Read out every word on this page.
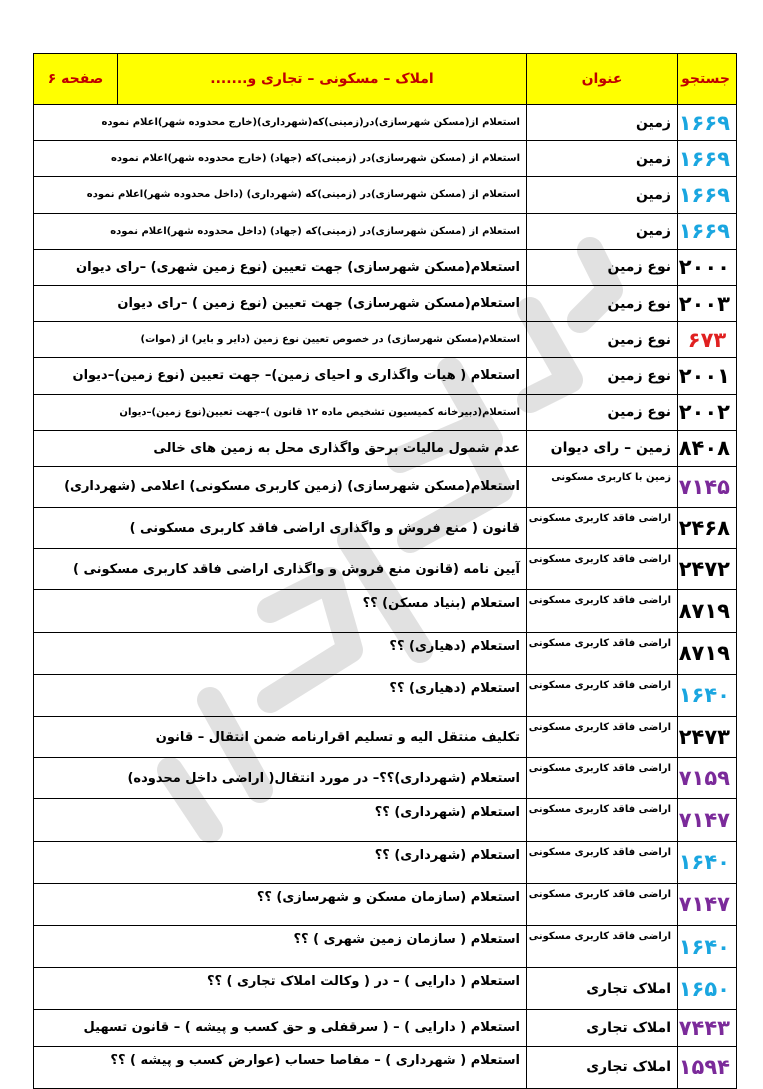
جستجو	عنوان	املاک – مسکونی – تجاری و.......	صفحه ۶
۱۶۶۹	زمین	استعلام از(مسکن شهرسازی)در(زمینی)که(شهرداری)(خارج محدوده شهر)اعلام نموده	
۱۶۶۹	زمین	استعلام از (مسکن شهرسازی)در (زمینی)که (جهاد) (خارج محدوده شهر)اعلام نموده	
۱۶۶۹	زمین	استعلام از (مسکن شهرسازی)در (زمینی)که (شهرداری) (داخل محدوده شهر)اعلام نموده	
۱۶۶۹	زمین	استعلام از (مسکن شهرسازی)در (زمینی)که (جهاد) (داخل محدوده شهر)اعلام نموده	
۲۰۰۰	نوع زمین	استعلام(مسکن شهرسازی) جهت تعیین (نوع زمین شهری) –رای دیوان	
۲۰۰۳	نوع زمین	استعلام(مسکن شهرسازی) جهت تعیین (نوع زمین ) –رای دیوان	
۶۷۳	نوع زمین	استعلام(مسکن شهرسازی) در خصوص تعیین نوع زمین (دایر و بایر) از (موات)	
۲۰۰۱	نوع زمین	استعلام ( هیات واگذاری و احیای زمین)– جهت تعیین (نوع زمین)–دیوان	
۲۰۰۲	نوع زمین	استعلام(دبیرخانه کمیسیون تشخیص ماده ۱۲ قانون )–جهت تعیین(نوع زمین)–دیوان	
۸۴۰۸	زمین – رای دیوان	عدم شمول مالیات برحق واگذاری محل به زمین های خالی	
۷۱۴۵	زمین با کاربری مسکونی	استعلام(مسکن شهرسازی) (زمین کاربری مسکونی) اعلامی (شهرداری)	
۲۴۶۸	اراضی فاقد کاربری مسکونی	قانون ( منع فروش و واگذاری اراضی فاقد کاربری مسکونی )	
۲۴۷۲	اراضی فاقد کاربری مسکونی	آیین نامه (قانون منع فروش و واگذاری اراضی فاقد کاربری مسکونی )	
۸۷۱۹	اراضی فاقد کاربری مسکونی	استعلام (بنیاد مسکن) ؟؟	
۸۷۱۹	اراضی فاقد کاربری مسکونی	استعلام (دهیاری) ؟؟	
۱۶۴۰	اراضی فاقد کاربری مسکونی	استعلام (دهیاری) ؟؟	
۲۴۷۳	اراضی فاقد کاربری مسکونی	تکلیف منتقل الیه و تسلیم اقرارنامه ضمن انتقال – قانون	
۷۱۵۹	اراضی فاقد کاربری مسکونی	استعلام (شهرداری)؟؟– در مورد انتقال( اراضی داخل محدوده)	
۷۱۴۷	اراضی فاقد کاربری مسکونی	استعلام (شهرداری) ؟؟	
۱۶۴۰	اراضی فاقد کاربری مسکونی	استعلام (شهرداری) ؟؟	
۷۱۴۷	اراضی فاقد کاربری مسکونی	استعلام (سازمان مسکن و شهرسازی) ؟؟	
۱۶۴۰	اراضی فاقد کاربری مسکونی	استعلام ( سازمان زمین شهری ) ؟؟	
۱۶۵۰	املاک تجاری	استعلام ( دارایی ) – در ( وکالت املاک تجاری ) ؟؟	
۷۴۴۳	املاک تجاری	استعلام ( دارایی ) – ( سرقفلی و حق کسب و پیشه ) – قانون تسهیل	
۱۵۹۴	املاک تجاری	استعلام ( شهرداری ) – مفاصا حساب (عوارض کسب و پیشه ) ؟؟	
